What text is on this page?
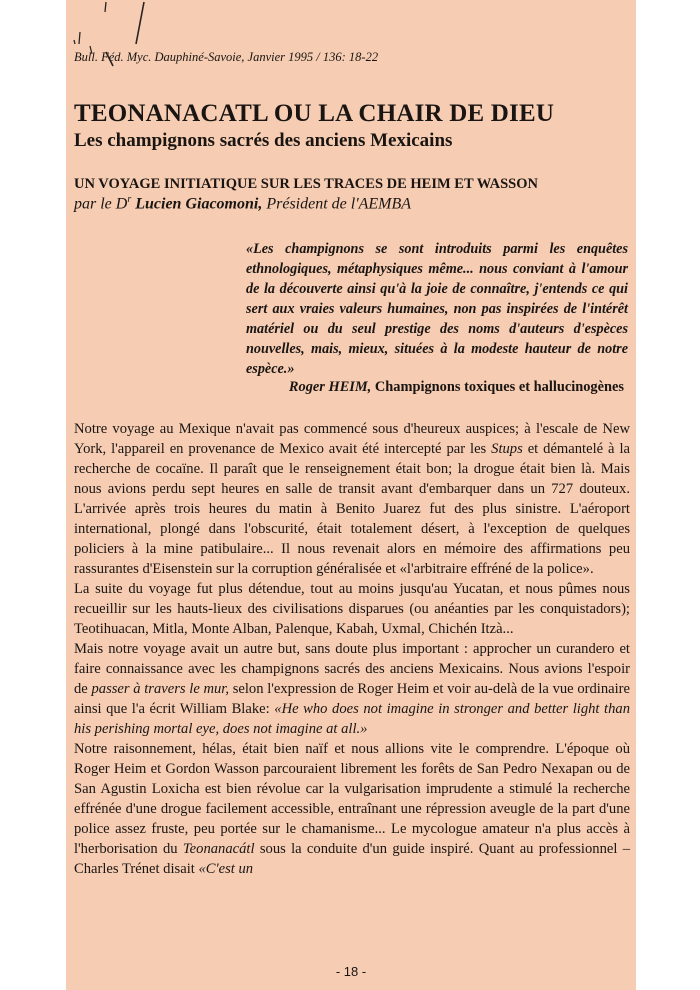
Bull. Féd. Myc. Dauphiné-Savoie, Janvier 1995 / 136: 18-22
TEONANACATL OU LA CHAIR DE DIEU
Les champignons sacrés des anciens Mexicains
UN VOYAGE INITIATIQUE SUR LES TRACES DE HEIM ET WASSON
par le $D^r$ Lucien Giacomoni, Président de l'AEMBA

«Les champignons se sont introduits parmi les enquêtes ethnologiques, métaphysiques même... nous conviant à l'amour de la découverte ainsi qu'à la joie de connaître, j'entends ce qui sert aux vraies valeurs humaines, non pas inspirées de l'intérêt matériel ou du seul prestige des noms d'auteurs d'espèces nouvelles, mais, mieux, situées à la modeste hauteur de notre espèce.»

Roger HEIM, Champignons toxiques et hallucinogènes

Notre voyage au Mexique n'avait pas commencé sous d'heureux auspices; à l'escale de New York, l'appareil en provenance de Mexico avait été intercepté par les Stups et démantelé à la recherche de cocaïne. Il paraît que le renseignement était bon; la drogue était bien là. Mais nous avions perdu sept heures en salle de transit avant d'embarquer dans un 727 douteux. L'arrivée après trois heures du matin à Benito Juarez fut des plus sinistre. L'aéroport international, plongé dans l'obscurité, était totalement désert, à l'exception de quelques policiers à la mine patibulaire... Il nous revenait alors en mémoire des affirmations peu rassurantes d'Eisenstein sur la corruption généralisée et «l'arbitraire effréné de la police».

La suite du voyage fut plus détendue, tout au moins jusqu'au Yucatan, et nous pûmes nous recueillir sur les hauts-lieux des civilisations disparues (ou anéanties par les conquistadors); Teotihuacan, Mitla, Monte Alban, Palenque, Kabah, Uxmal, Chichén Itzà...

Mais notre voyage avait un autre but, sans doute plus important : approcher un curandero et faire connaissance avec les champignons sacrés des anciens Mexicains. Nous avions l'espoir de passer à travers le mur, selon l'expression de Roger Heim et voir au-delà de la vue ordinaire ainsi que l'a écrit William Blake: «He who does not imagine in stronger and better light than his perishing mortal eye, does not imagine at all.»

Notre raisonnement, hélas, était bien naïf et nous allions vite le comprendre. L'époque où Roger Heim et Gordon Wasson parcouraient librement les forêts de San Pedro Nexapan ou de San Agustin Loxicha est bien révolue car la vulgarisation imprudente a stimulé la recherche effrénée d'une drogue facilement accessible, entraînant une répression aveugle de la part d'une police assez fruste, peu portée sur le chamanisme... Le mycologue amateur n'a plus accès à l'herborisation du Teonanacátl sous la conduite d'un guide inspiré. Quant au professionnel – Charles Trénet disait «C'est un

- 18 -
